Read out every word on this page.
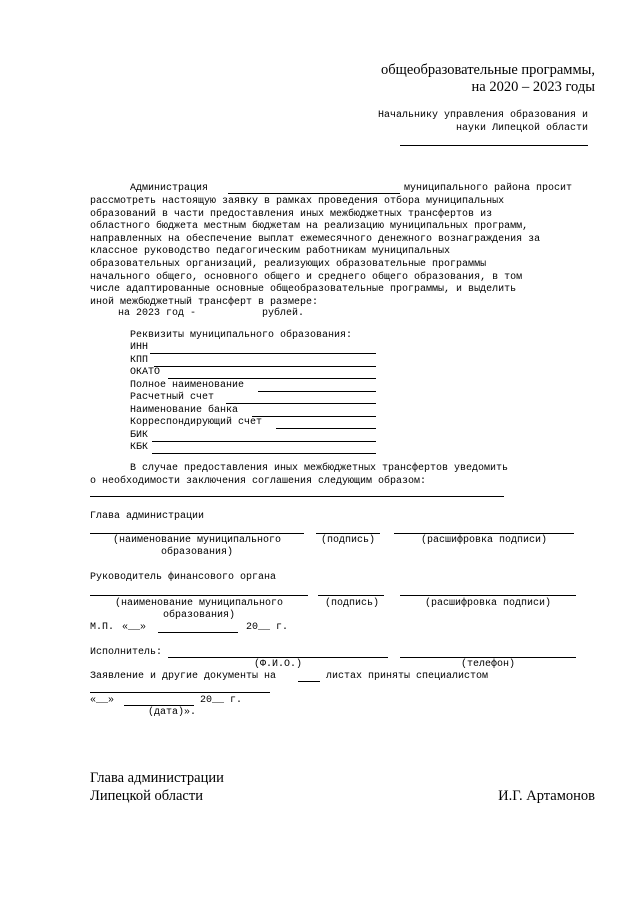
общеобразовательные программы,
на 2020 – 2023 годы
Начальнику управления образования и
науки Липецкой области
Администрация	муниципального района просит
рассмотреть настоящую заявку в рамках проведения отбора муниципальных
образований в части предоставления иных межбюджетных трансфертов из
областного бюджета местным бюджетам на реализацию муниципальных программ,
направленных на обеспечение выплат ежемесячного денежного вознаграждения за
классное руководство педагогическим работникам муниципальных
образовательных организаций, реализующих образовательные программы
начального общего, основного общего и среднего общего образования, в том
числе адаптированные основные общеобразовательные программы, и выделить
иной межбюджетный трансферт в размере:
на 2023 год -	рублей.
Реквизиты муниципального образования:
ИНН
КПП
ОКАТО
Полное наименование
Расчетный счет
Наименование банка
Корреспондирующий счет
БИК
КБК
В случае предоставления иных межбюджетных трансфертов уведомить
о необходимости заключения соглашения следующим образом:
Глава администрации
(наименование муниципального
образования)
(подпись)	(расшифровка подписи)
Руководитель финансового органа
(наименование муниципального
образования)
(подпись)	(расшифровка подписи)
М.П. «__»	20__ г.
Исполнитель:
(Ф.И.О.)	(телефон)
Заявление и другие документы на	листах приняты специалистом
«__»	20__ г.
(дата)».
Глава администрации
Липецкой области	И.Г. Артамонов
